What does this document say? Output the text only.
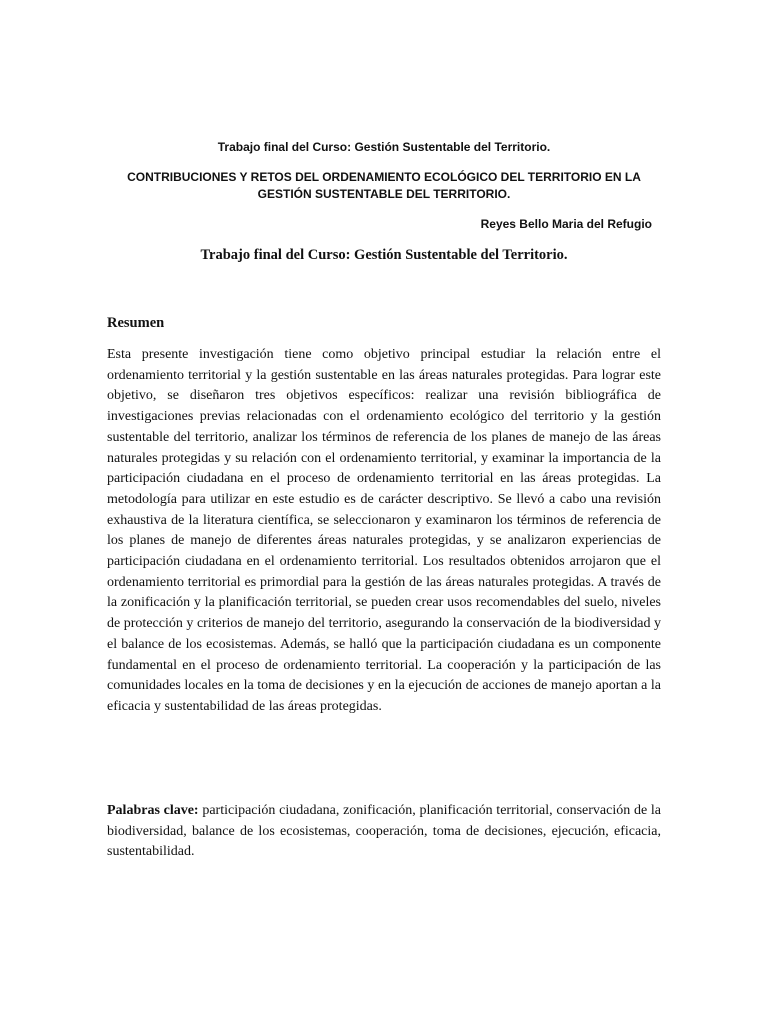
Trabajo final del Curso: Gestión Sustentable del Territorio.
CONTRIBUCIONES Y RETOS DEL ORDENAMIENTO ECOLÓGICO DEL TERRITORIO EN LA GESTIÓN SUSTENTABLE DEL TERRITORIO.
Reyes Bello Maria del Refugio
Trabajo final del Curso: Gestión Sustentable del Territorio.
Resumen

Esta presente investigación tiene como objetivo principal estudiar la relación entre el ordenamiento territorial y la gestión sustentable en las áreas naturales protegidas. Para lograr este objetivo, se diseñaron tres objetivos específicos: realizar una revisión bibliográfica de investigaciones previas relacionadas con el ordenamiento ecológico del territorio y la gestión sustentable del territorio, analizar los términos de referencia de los planes de manejo de las áreas naturales protegidas y su relación con el ordenamiento territorial, y examinar la importancia de la participación ciudadana en el proceso de ordenamiento territorial en las áreas protegidas. La metodología para utilizar en este estudio es de carácter descriptivo. Se llevó a cabo una revisión exhaustiva de la literatura científica, se seleccionaron y examinaron los términos de referencia de los planes de manejo de diferentes áreas naturales protegidas, y se analizaron experiencias de participación ciudadana en el ordenamiento territorial. Los resultados obtenidos arrojaron que el ordenamiento territorial es primordial para la gestión de las áreas naturales protegidas. A través de la zonificación y la planificación territorial, se pueden crear usos recomendables del suelo, niveles de protección y criterios de manejo del territorio, asegurando la conservación de la biodiversidad y el balance de los ecosistemas. Además, se halló que la participación ciudadana es un componente fundamental en el proceso de ordenamiento territorial. La cooperación y la participación de las comunidades locales en la toma de decisiones y en la ejecución de acciones de manejo aportan a la eficacia y sustentabilidad de las áreas protegidas.

Palabras clave: participación ciudadana, zonificación, planificación territorial, conservación de la biodiversidad, balance de los ecosistemas, cooperación, toma de decisiones, ejecución, eficacia, sustentabilidad.
